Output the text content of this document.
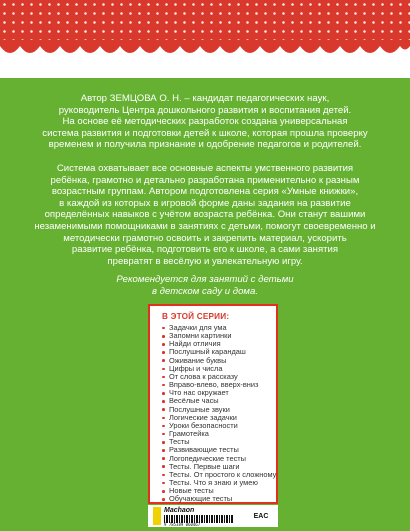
Автор ЗЕМЦОВА О. Н. – кандидат педагогических наук,
руководитель Центра дошкольного развития и воспитания детей.
На основе её методических разработок создана универсальная
система развития и подготовки детей к школе, которая прошла проверку
временем и получила признание и одобрение педагогов и родителей.
Система охватывает все основные аспекты умственного развития
ребёнка, грамотно и детально разработана применительно к разным
возрастным группам. Автором подготовлена серия «Умные книжки»,
в каждой из которых в игровой форме даны задания на развитие
определённых навыков с учётом возраста ребёнка. Они станут вашими
незаменимыми помощниками в занятиях с детьми, помогут своевременно и
методически грамотно освоить и закрепить материал, ускорить
развитие ребёнка, подготовить его к школе, а сами занятия
превратят в весёлую и увлекательную игру.
Рекомендуется для занятий с детьми
в детском саду и дома.
В ЭТОЙ СЕРИИ:
Задачки для ума
Запомни картинки
Найди отличия
Послушный карандаш
Оживание буквы
Цифры и числа
От слова к рассказу
Вправо-влево, вверх-вниз
Что нас окружает
Весёлые часы
Послушные звуки
Логические задачки
Уроки безопасности
Грамотейка
Тесты
Развивающие тесты
Логопедические тесты
Тесты. Первые шаги
Тесты. От простого к сложному
Тесты. Что я знаю и умею
Новые тесты
Обучающие тесты
Machaon
9 785389 060467
EAC
